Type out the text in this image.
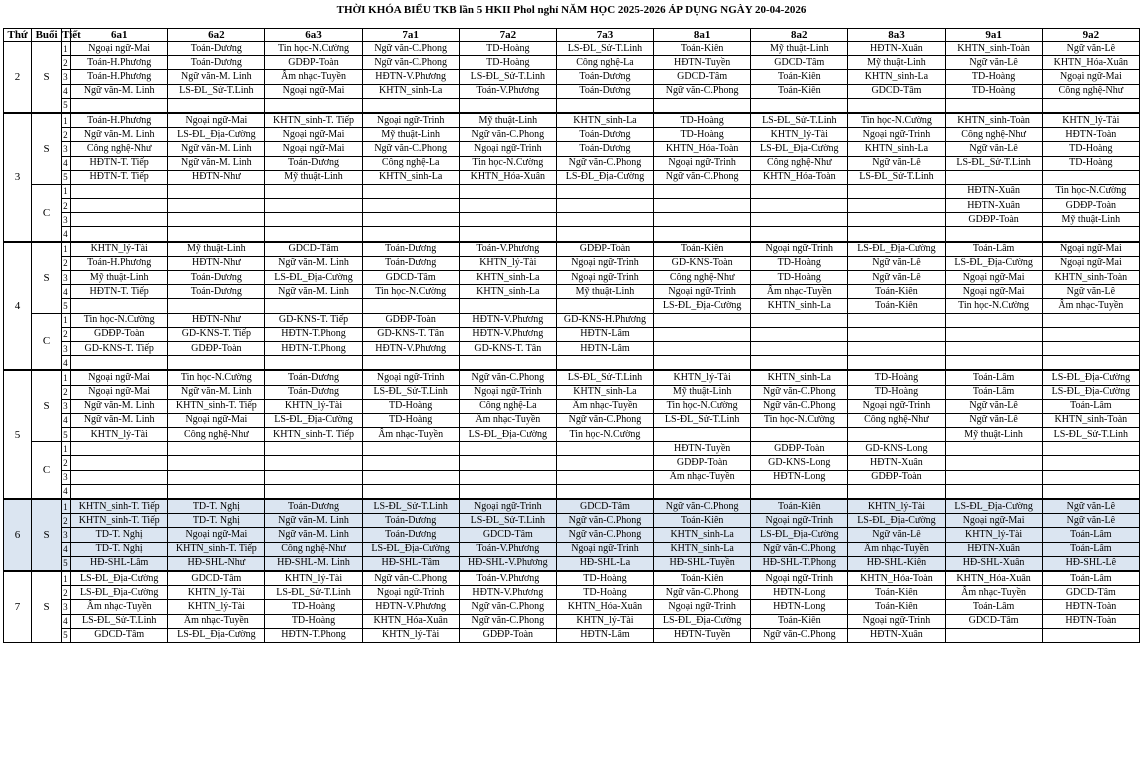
THỜI KHÓA BIỂU TKB lần 5 HKII Phol nghỉ NĂM HỌC 2025-2026 ÁP DỤNG NGÀY 20-04-2026
Thứ	Buổi	Tiết	6a1	6a2	6a3	7a1	7a2	7a3	8a1	8a2	8a3	9a1	9a2
2	S	1	Ngoại ngữ-Mai	Toán-Dương	Tin học-N.Cường	Ngữ văn-C.Phong	TD-Hoàng	LS-ĐL_Sử-T.Linh	Toán-Kiên	Mỹ thuật-Linh	HĐTN-Xuân	KHTN_sinh-Toàn	Ngữ văn-Lê
		2	Toán-H.Phương	Toán-Dương	GDĐP-Toàn	Ngữ văn-C.Phong	TD-Hoàng	Công nghệ-La	HĐTN-Tuyền	GDCD-Tâm	Mỹ thuật-Linh	Ngữ văn-Lê	KHTN_Hóa-Xuân
		3	Toán-H.Phương	Ngữ văn-M. Linh	Âm nhạc-Tuyền	HĐTN-V.Phương	LS-ĐL_Sử-T.Linh	Toán-Dương	GDCD-Tâm	Toán-Kiên	KHTN_sinh-La	TD-Hoàng	Ngoại ngữ-Mai
		4	Ngữ văn-M. Linh	LS-ĐL_Sử-T.Linh	Ngoại ngữ-Mai	KHTN_sinh-La	Toán-V.Phương	Toán-Dương	Ngữ văn-C.Phong	Toán-Kiên	GDCD-Tâm	TD-Hoàng	Công nghệ-Như
		5											
3	S	1	Toán-H.Phương	Ngoại ngữ-Mai	KHTN_sinh-T. Tiếp	Ngoại ngữ-Trinh	Mỹ thuật-Linh	KHTN_sinh-La	TD-Hoàng	LS-ĐL_Sử-T.Linh	Tin học-N.Cường	KHTN_sinh-Toàn	KHTN_lý-Tài
		2	Ngữ văn-M. Linh	LS-ĐL_Địa-Cường	Ngoại ngữ-Mai	Mỹ thuật-Linh	Ngữ văn-C.Phong	Toán-Dương	TD-Hoàng	KHTN_lý-Tài	Ngoại ngữ-Trinh	Công nghệ-Như	HĐTN-Toàn
		3	Công nghệ-Như	Ngữ văn-M. Linh	Ngoại ngữ-Mai	Ngữ văn-C.Phong	Ngoại ngữ-Trinh	Toán-Dương	KHTN_Hóa-Toàn	LS-ĐL_Địa-Cường	KHTN_sinh-La	Ngữ văn-Lê	TD-Hoàng
		4	HĐTN-T. Tiếp	Ngữ văn-M. Linh	Toán-Dương	Công nghệ-La	Tin học-N.Cường	Ngữ văn-C.Phong	Ngoại ngữ-Trinh	Công nghệ-Như	Ngữ văn-Lê	LS-ĐL_Sử-T.Linh	TD-Hoàng
		5	HĐTN-T. Tiếp	HĐTN-Như	Mỹ thuật-Linh	KHTN_sinh-La	KHTN_Hóa-Xuân	LS-ĐL_Địa-Cường	Ngữ văn-C.Phong	KHTN_Hóa-Toàn	LS-ĐL_Sử-T.Linh		
	C	1										HĐTN-Xuân	Tin học-N.Cường
		2										HĐTN-Xuân	GDĐP-Toàn
		3										GDĐP-Toàn	Mỹ thuật-Linh
		4											
4	S	1	KHTN_lý-Tài	Mỹ thuật-Linh	GDCD-Tâm	Toán-Dương	Toán-V.Phương	GDĐP-Toàn	Toán-Kiên	Ngoại ngữ-Trinh	LS-ĐL_Địa-Cường	Toán-Lâm	Ngoại ngữ-Mai
		2	Toán-H.Phương	HĐTN-Như	Ngữ văn-M. Linh	Toán-Dương	KHTN_lý-Tài	Ngoại ngữ-Trinh	GD-KNS-Toàn	TD-Hoàng	Ngữ văn-Lê	LS-ĐL_Địa-Cường	Ngoại ngữ-Mai
		3	Mỹ thuật-Linh	Toán-Dương	LS-ĐL_Địa-Cường	GDCD-Tâm	KHTN_sinh-La	Ngoại ngữ-Trinh	Công nghệ-Như	TD-Hoàng	Ngữ văn-Lê	Ngoại ngữ-Mai	KHTN_sinh-Toàn
		4	HĐTN-T. Tiếp	Toán-Dương	Ngữ văn-M. Linh	Tin học-N.Cường	KHTN_sinh-La	Mỹ thuật-Linh	Ngoại ngữ-Trinh	Âm nhạc-Tuyền	Toán-Kiên	Ngoại ngữ-Mai	Ngữ văn-Lê
		5							LS-ĐL_Địa-Cường	KHTN_sinh-La	Toán-Kiên	Tin học-N.Cường	Âm nhạc-Tuyền
	C	1	Tin học-N.Cường	HĐTN-Như	GD-KNS-T. Tiếp	GDĐP-Toàn	HĐTN-V.Phương	GD-KNS-H.Phương					
		2	GDĐP-Toàn	GD-KNS-T. Tiếp	HĐTN-T.Phong	GD-KNS-T. Tân	HĐTN-V.Phương	HĐTN-Lâm					
		3	GD-KNS-T. Tiếp	GDĐP-Toàn	HĐTN-T.Phong	HĐTN-V.Phương	GD-KNS-T. Tân	HĐTN-Lâm					
		4											
5	S	1	Ngoại ngữ-Mai	Tin học-N.Cường	Toán-Dương	Ngoại ngữ-Trinh	Ngữ văn-C.Phong	LS-ĐL_Sử-T.Linh	KHTN_lý-Tài	KHTN_sinh-La	TD-Hoàng	Toán-Lâm	LS-ĐL_Địa-Cường
		2	Ngoại ngữ-Mai	Ngữ văn-M. Linh	Toán-Dương	LS-ĐL_Sử-T.Linh	Ngoại ngữ-Trinh	KHTN_sinh-La	Mỹ thuật-Linh	Ngữ văn-C.Phong	TD-Hoàng	Toán-Lâm	LS-ĐL_Địa-Cường
		3	Ngữ văn-M. Linh	KHTN_sinh-T. Tiếp	KHTN_lý-Tài	TD-Hoàng	Công nghệ-La	Âm nhạc-Tuyền	Tin học-N.Cường	Ngữ văn-C.Phong	Ngoại ngữ-Trinh	Ngữ văn-Lê	Toán-Lâm
		4	Ngữ văn-M. Linh	Ngoại ngữ-Mai	LS-ĐL_Địa-Cường	TD-Hoàng	Âm nhạc-Tuyền	Ngữ văn-C.Phong	LS-ĐL_Sử-T.Linh	Tin học-N.Cường	Công nghệ-Như	Ngữ văn-Lê	KHTN_sinh-Toàn
		5	KHTN_lý-Tài	Công nghệ-Như	KHTN_sinh-T. Tiếp	Âm nhạc-Tuyền	LS-ĐL_Địa-Cường	Tin học-N.Cường				Mỹ thuật-Linh	LS-ĐL_Sử-T.Linh
	C	1							HĐTN-Tuyền	GDĐP-Toàn	GD-KNS-Long		
		2							GDĐP-Toàn	GD-KNS-Long	HĐTN-Xuân		
		3							Âm nhạc-Tuyền	HĐTN-Long	GDĐP-Toàn		
		4											
6	S	1	KHTN_sinh-T. Tiếp	TD-T. Nghị	Toán-Dương	LS-ĐL_Sử-T.Linh	Ngoại ngữ-Trinh	GDCD-Tâm	Ngữ văn-C.Phong	Toán-Kiên	KHTN_lý-Tài	LS-ĐL_Địa-Cường	Ngữ văn-Lê
		2	KHTN_sinh-T. Tiếp	TD-T. Nghị	Ngữ văn-M. Linh	Toán-Dương	LS-ĐL_Sử-T.Linh	Ngữ văn-C.Phong	Toán-Kiên	Ngoại ngữ-Trinh	LS-ĐL_Địa-Cường	Ngoại ngữ-Mai	Ngữ văn-Lê
		3	TD-T. Nghị	Ngoại ngữ-Mai	Ngữ văn-M. Linh	Toán-Dương	GDCD-Tâm	Ngữ văn-C.Phong	KHTN_sinh-La	LS-ĐL_Địa-Cường	Ngữ văn-Lê	KHTN_lý-Tài	Toán-Lâm
		4	TD-T. Nghị	KHTN_sinh-T. Tiếp	Công nghệ-Như	LS-ĐL_Địa-Cường	Toán-V.Phương	Ngoại ngữ-Trinh	KHTN_sinh-La	Ngữ văn-C.Phong	Âm nhạc-Tuyền	HĐTN-Xuân	Toán-Lâm
		5	HĐ-SHL-Lâm	HĐ-SHL-Như	HĐ-SHL-M. Linh	HĐ-SHL-Tâm	HĐ-SHL-V.Phương	HĐ-SHL-La	HĐ-SHL-Tuyền	HĐ-SHL-T.Phong	HĐ-SHL-Kiên	HĐ-SHL-Xuân	HĐ-SHL-Lê
7	S	1	LS-ĐL_Địa-Cường	GDCD-Tâm	KHTN_lý-Tài	Ngữ văn-C.Phong	Toán-V.Phương	TD-Hoàng	Toán-Kiên	Ngoại ngữ-Trinh	KHTN_Hóa-Toàn	KHTN_Hóa-Xuân	Toán-Lâm
		2	LS-ĐL_Địa-Cường	KHTN_lý-Tài	LS-ĐL_Sử-T.Linh	Ngoại ngữ-Trinh	HĐTN-V.Phương	TD-Hoàng	Ngữ văn-C.Phong	HĐTN-Long	Toán-Kiên	Âm nhạc-Tuyền	GDCD-Tâm
		3	Âm nhạc-Tuyền	KHTN_lý-Tài	TD-Hoàng	HĐTN-V.Phương	Ngữ văn-C.Phong	KHTN_Hóa-Xuân	Ngoại ngữ-Trinh	HĐTN-Long	Toán-Kiên	Toán-Lâm	HĐTN-Toàn
		4	LS-ĐL_Sử-T.Linh	Âm nhạc-Tuyền	TD-Hoàng	KHTN_Hóa-Xuân	Ngữ văn-C.Phong	KHTN_lý-Tài	LS-ĐL_Địa-Cường	Toán-Kiên	Ngoại ngữ-Trinh	GDCD-Tâm	HĐTN-Toàn
		5	GDCD-Tâm	LS-ĐL_Địa-Cường	HĐTN-T.Phong	KHTN_lý-Tài	GDĐP-Toàn	HĐTN-Lâm	HĐTN-Tuyền	Ngữ văn-C.Phong	HĐTN-Xuân		
